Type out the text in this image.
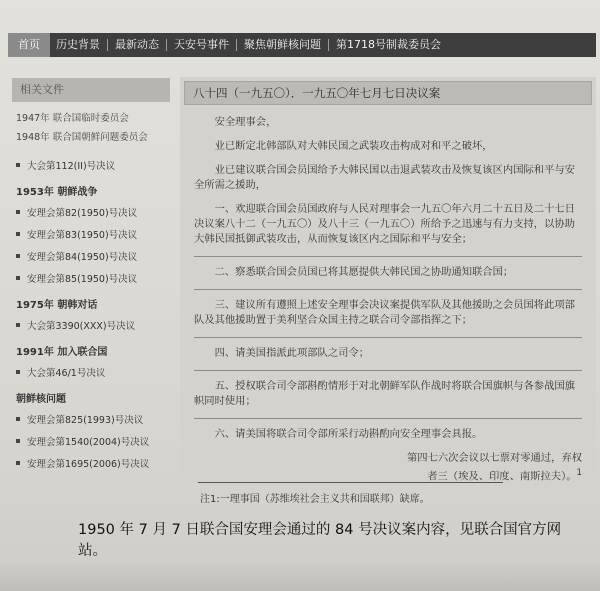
首页	历史背景	最新动态	天安号事件	聚焦朝鲜核问题	第1718号制裁委员会
相关文件
1947年 联合国临时委员会
1948年 联合国朝鲜问题委员会
大会第112(II)号决议
1953年 朝鲜战争
安理会第82(1950)号决议
安理会第83(1950)号决议
安理会第84(1950)号决议
安理会第85(1950)号决议
1975年 朝韩对话
大会第3390(XXX)号决议
1991年 加入联合国
大会第46/1号决议
朝鲜核问题
安理会第825(1993)号决议
安理会第1540(2004)号决议
安理会第1695(2006)号决议
八十四（一九五〇）．一九五〇年七月七日决议案

安全理事会，

业已断定北韩部队对大韩民国之武装攻击构成对和平之破坏，

业已建议联合国会员国给予大韩民国以击退武装攻击及恢复该区内国际和平与安全所需之援助，

一、欢迎联合国会员国政府与人民对理事会一九五〇年六月二十五日及二十七日决议案八十二（一九五〇）及八十三（一九五〇）所给予之迅速与有力支持，以协助大韩民国抵御武装攻击，从而恢复该区内之国际和平与安全；

二、察悉联合国会员国已将其愿提供大韩民国之协助通知联合国；

三、建议所有遵照上述安全理事会决议案提供军队及其他援助之会员国将此项部队及其他援助置于美利坚合众国主持之联合司令部指挥之下；

四、请美国指派此项部队之司令；

五、授权联合司令部斟酌情形于对北朝鲜军队作战时将联合国旗帜与各参战国旗帜同时使用；

六、请美国将联合司令部所采行动斟酌向安全理事会具报。

第四七六次会议以七票对零通过，弃权
者三（埃及、印度、南斯拉夫）。$^1$
注1:一理事国（苏维埃社会主义共和国联邦）缺席。
1950 年 7 月 7 日联合国安理会通过的 84 号决议案内容，见联合国官方网站。
